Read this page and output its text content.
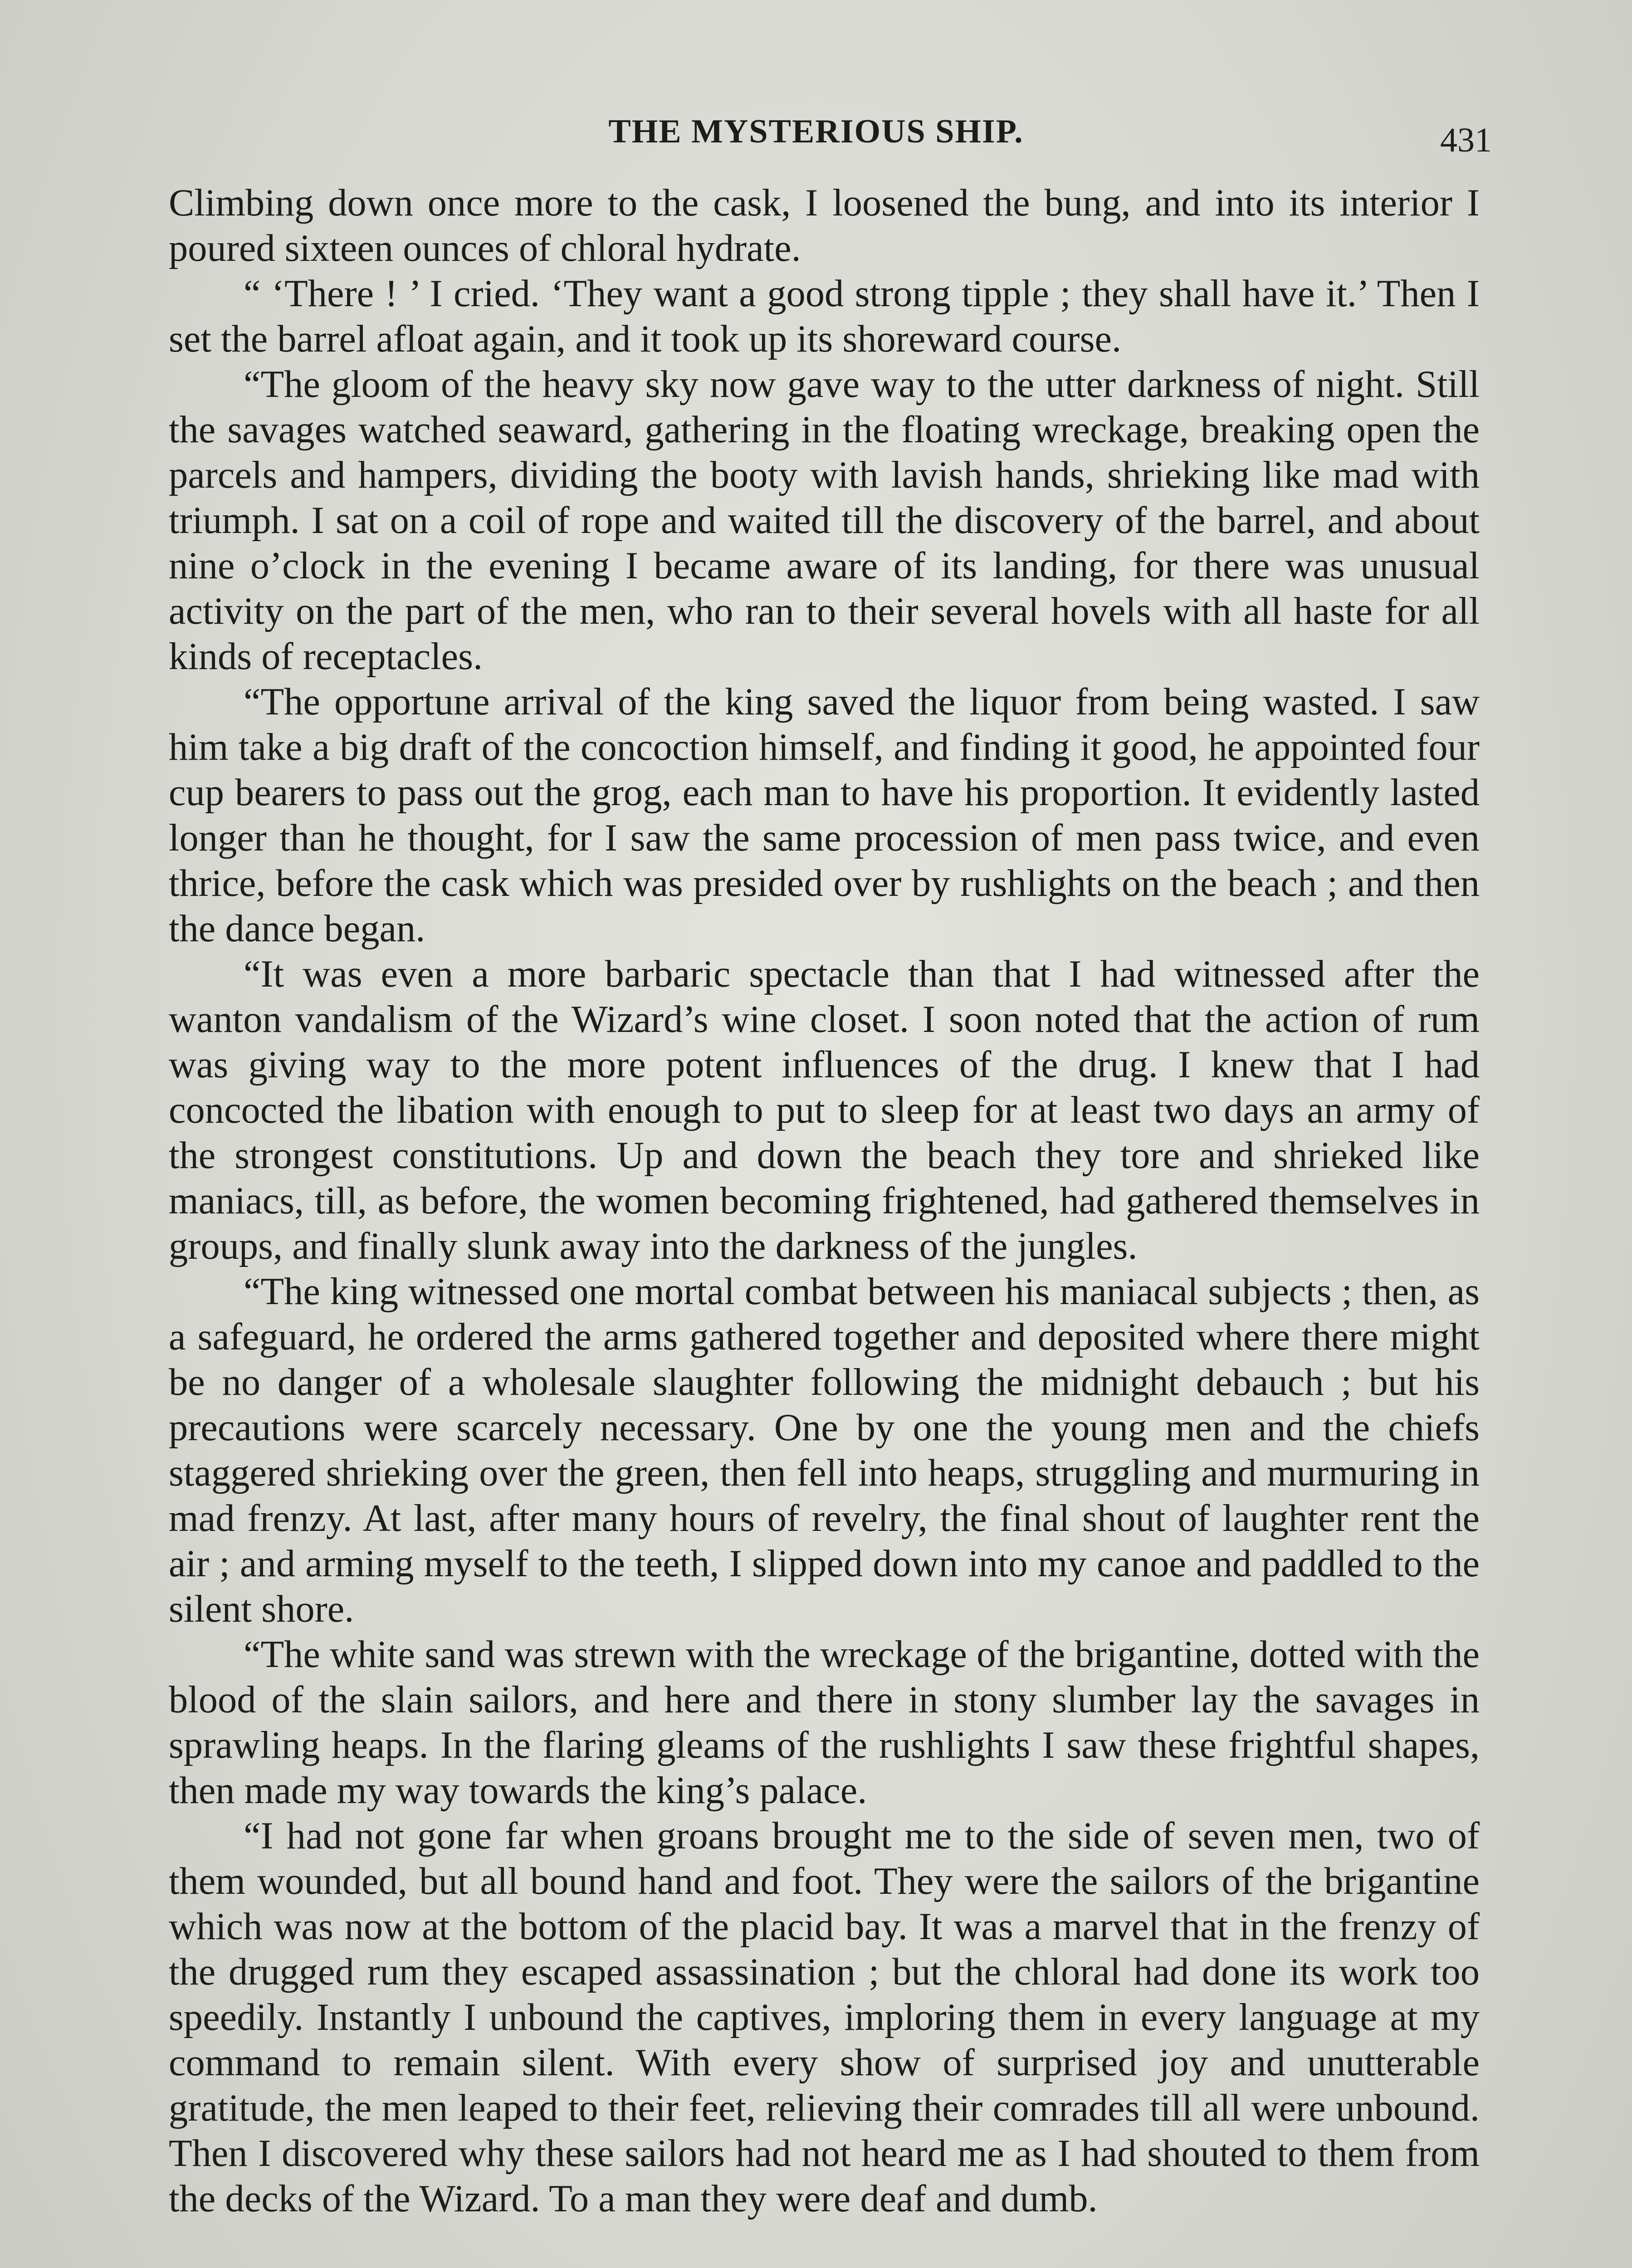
THE MYSTERIOUS SHIP.	431

Climbing down once more to the cask, I loosened the bung, and into its interior I poured sixteen ounces of chloral hydrate.

“ ‘There ! ’ I cried. ‘They want a good strong tipple ; they shall have it.’ Then I set the barrel afloat again, and it took up its shoreward course.

“The gloom of the heavy sky now gave way to the utter darkness of night. Still the savages watched seaward, gathering in the floating wreckage, breaking open the parcels and hampers, dividing the booty with lavish hands, shrieking like mad with triumph. I sat on a coil of rope and waited till the discovery of the barrel, and about nine o’clock in the evening I became aware of its landing, for there was unusual activity on the part of the men, who ran to their several hovels with all haste for all kinds of receptacles.

“The opportune arrival of the king saved the liquor from being wasted. I saw him take a big draft of the concoction himself, and finding it good, he appointed four cup bearers to pass out the grog, each man to have his proportion. It evidently lasted longer than he thought, for I saw the same procession of men pass twice, and even thrice, before the cask which was presided over by rushlights on the beach ; and then the dance began.

“It was even a more barbaric spectacle than that I had witnessed after the wanton vandalism of the Wizard’s wine closet. I soon noted that the action of rum was giving way to the more potent influences of the drug. I knew that I had concocted the libation with enough to put to sleep for at least two days an army of the strongest constitutions. Up and down the beach they tore and shrieked like maniacs, till, as before, the women becoming frightened, had gathered themselves in groups, and finally slunk away into the darkness of the jungles.

“The king witnessed one mortal combat between his maniacal subjects ; then, as a safeguard, he ordered the arms gathered together and deposited where there might be no danger of a wholesale slaughter following the midnight debauch ; but his precautions were scarcely necessary. One by one the young men and the chiefs staggered shrieking over the green, then fell into heaps, struggling and murmuring in mad frenzy. At last, after many hours of revelry, the final shout of laughter rent the air ; and arming myself to the teeth, I slipped down into my canoe and paddled to the silent shore.

“The white sand was strewn with the wreckage of the brigantine, dotted with the blood of the slain sailors, and here and there in stony slumber lay the savages in sprawling heaps. In the flaring gleams of the rushlights I saw these frightful shapes, then made my way towards the king’s palace.

“I had not gone far when groans brought me to the side of seven men, two of them wounded, but all bound hand and foot. They were the sailors of the brigantine which was now at the bottom of the placid bay. It was a marvel that in the frenzy of the drugged rum they escaped assassination ; but the chloral had done its work too speedily. Instantly I unbound the captives, imploring them in every language at my command to remain silent. With every show of surprised joy and unutterable gratitude, the men leaped to their feet, relieving their comrades till all were unbound. Then I discovered why these sailors had not heard me as I had shouted to them from the decks of the Wizard. To a man they were deaf and dumb.
